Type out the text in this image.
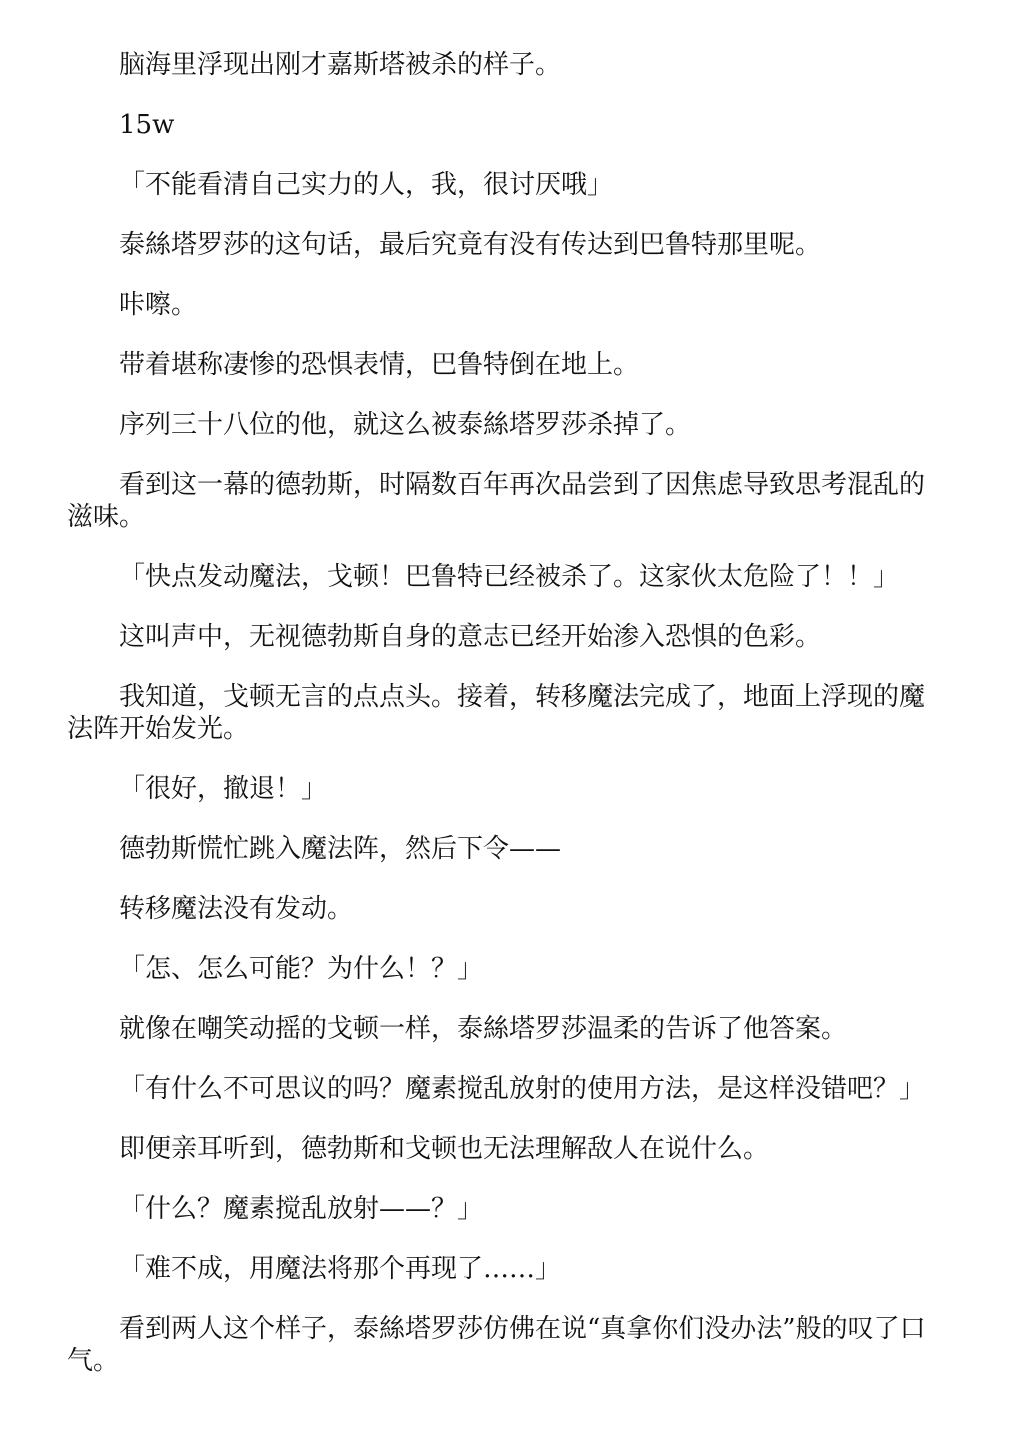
脑海里浮现出刚才嘉斯塔被杀的样子。

15w

「不能看清自己实力的人，我，很讨厌哦」

泰絲塔罗莎的这句话，最后究竟有没有传达到巴鲁特那里呢。

咔嚓。

带着堪称凄惨的恐惧表情，巴鲁特倒在地上。

序列三十八位的他，就这么被泰絲塔罗莎杀掉了。

看到这一幕的德勃斯，时隔数百年再次品尝到了因焦虑导致思考混乱的滋味。

「快点发动魔法，戈顿！巴鲁特已经被杀了。这家伙太危险了！！」

这叫声中，无视德勃斯自身的意志已经开始渗入恐惧的色彩。

我知道，戈顿无言的点点头。接着，转移魔法完成了，地面上浮现的魔法阵开始发光。

「很好，撤退！」

德勃斯慌忙跳入魔法阵，然后下令——

转移魔法没有发动。

「怎、怎么可能？为什么！？」

就像在嘲笑动摇的戈顿一样，泰絲塔罗莎温柔的告诉了他答案。

「有什么不可思议的吗？魔素搅乱放射的使用方法，是这样没错吧？」

即便亲耳听到，德勃斯和戈顿也无法理解敌人在说什么。

「什么？魔素搅乱放射——？」

「难不成，用魔法将那个再现了……」

看到两人这个样子，泰絲塔罗莎仿佛在说“真拿你们没办法”般的叹了口气。
